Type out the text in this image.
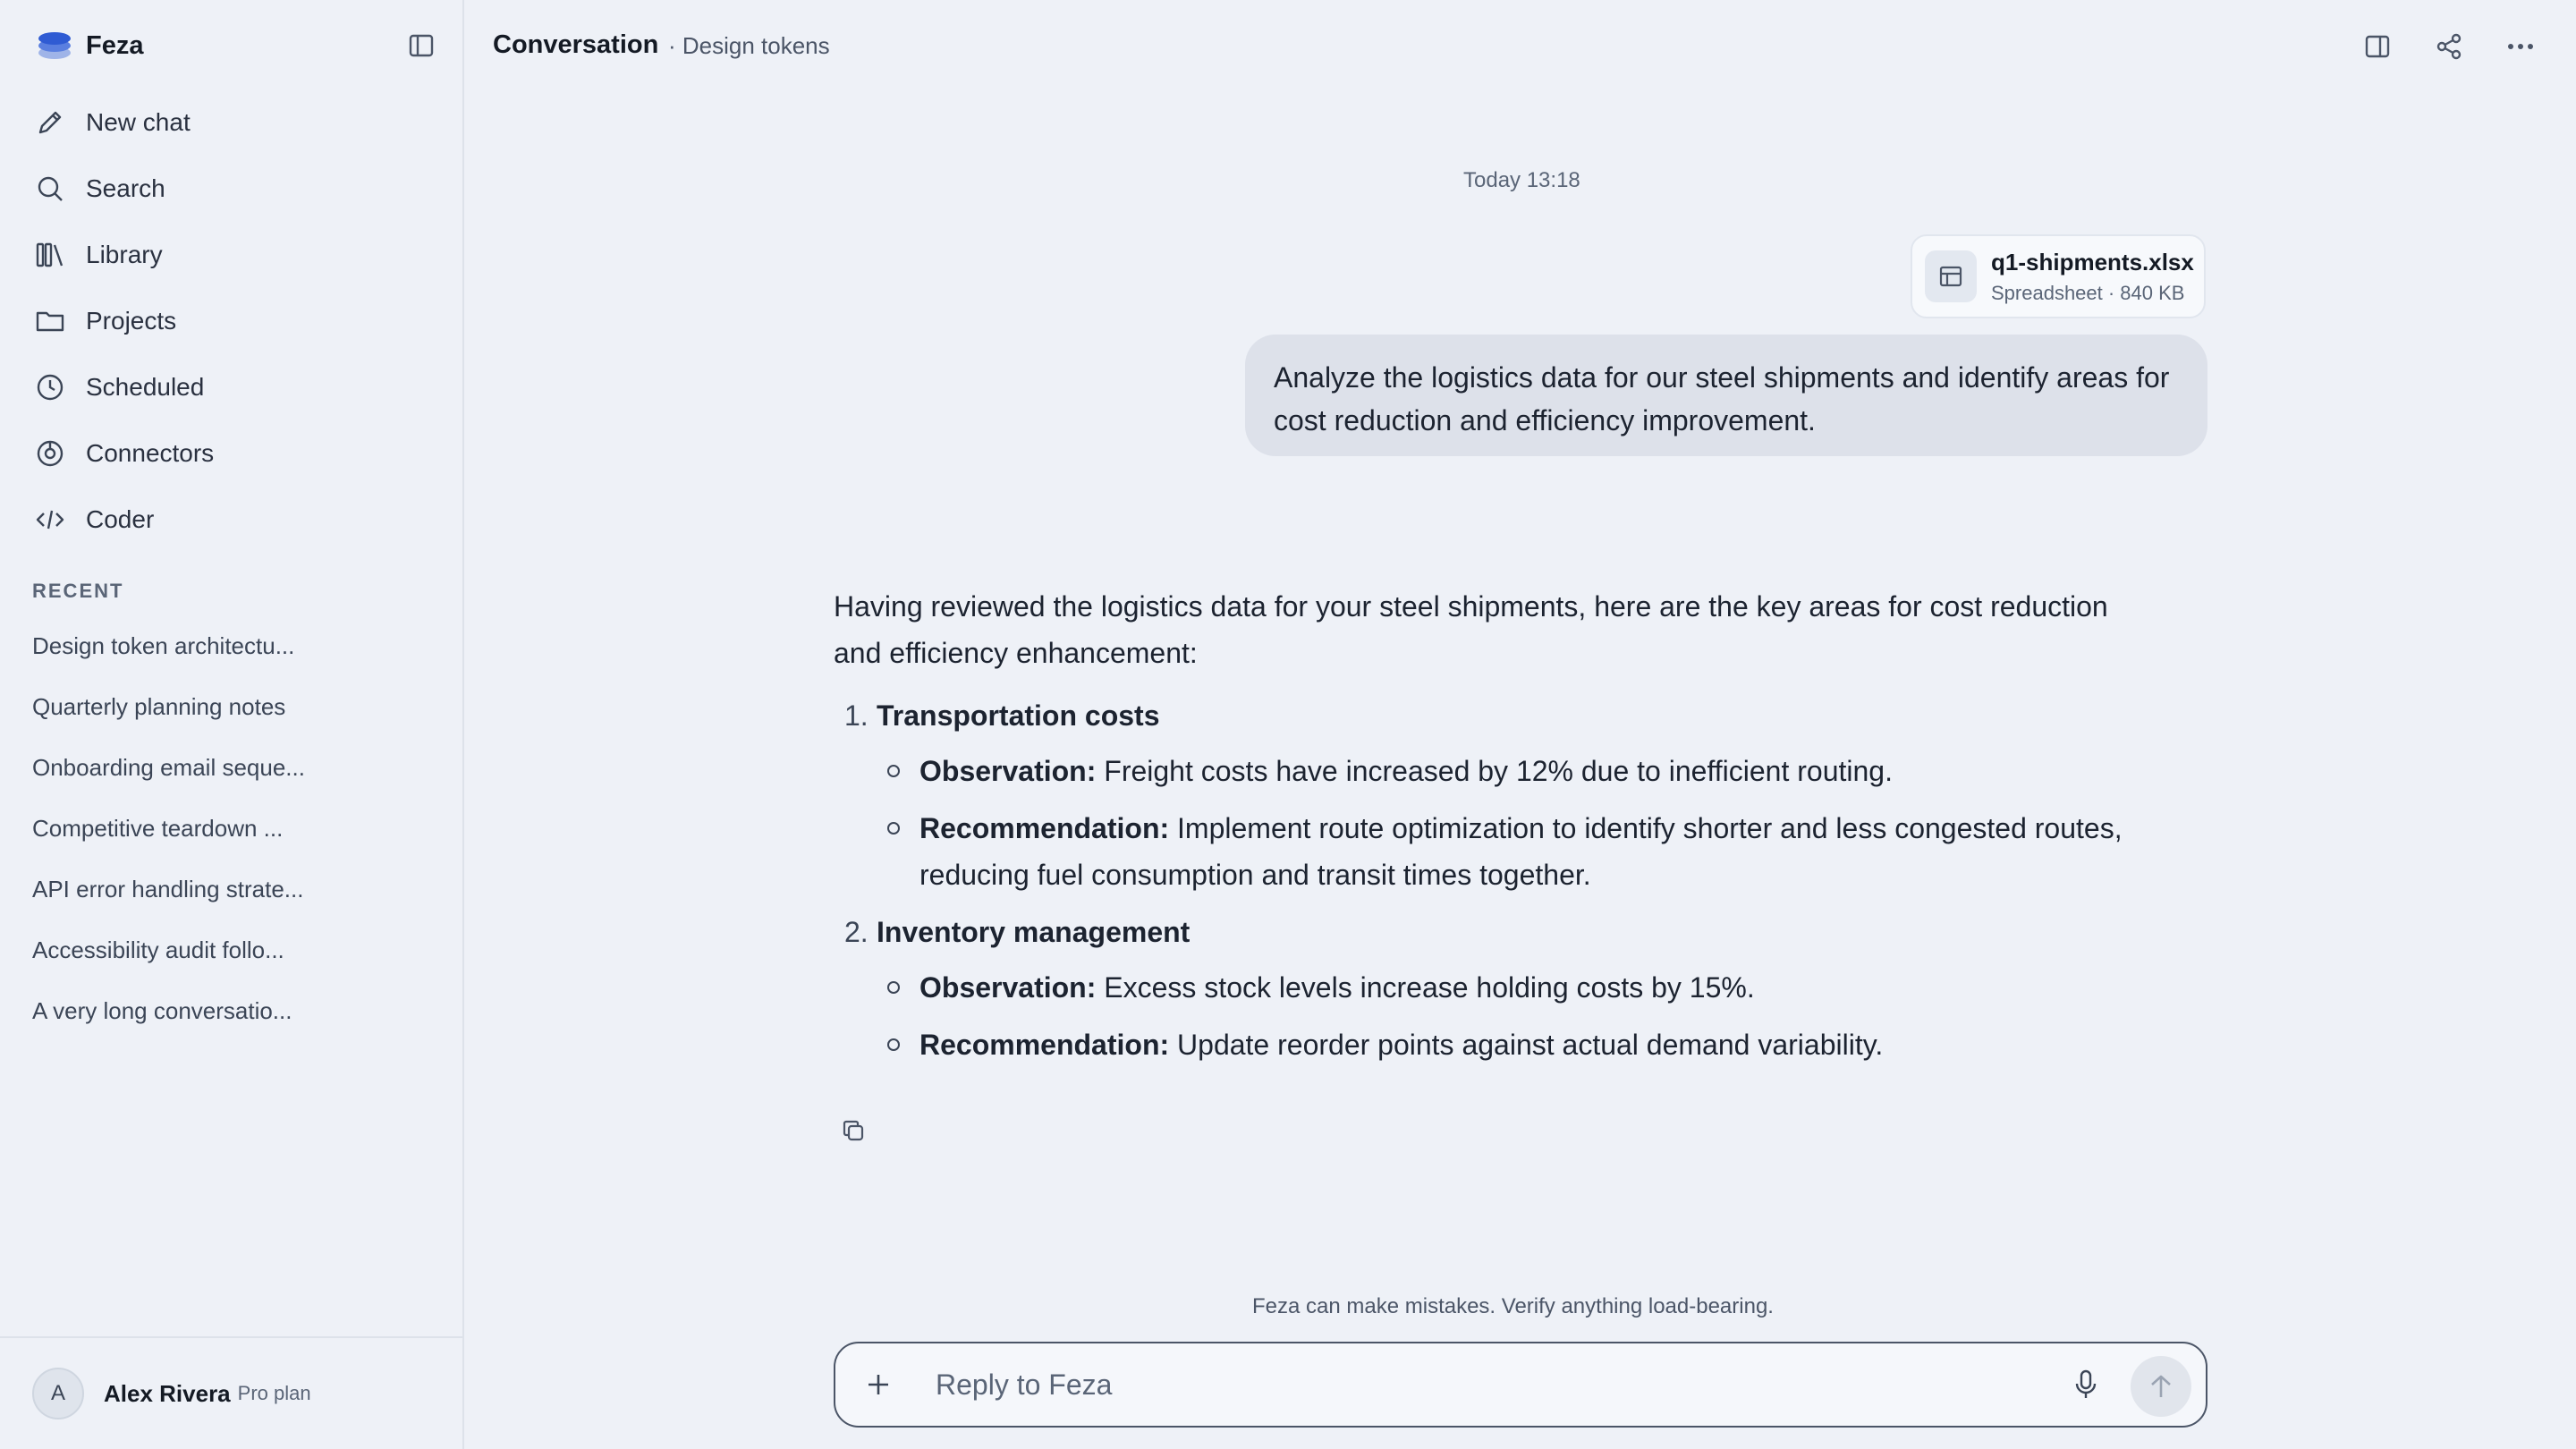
Feza
New chat
Search
Library
Projects
Scheduled
Connectors
Coder
RECENT
Design token architectu...
Quarterly planning notes
Onboarding email seque...
Competitive teardown ...
API error handling strate...
Accessibility audit follo...
A very long conversatio...
A	Alex Rivera Pro plan
Conversation · Design tokens
Today 13:18
q1-shipments.xlsx
Spreadsheet · 840 KB
Analyze the logistics data for our steel shipments and identify areas for cost reduction and efficiency improvement.

Having reviewed the logistics data for your steel shipments, here are the key areas for cost reduction and efficiency enhancement:

1. Transportation costs
Observation: Freight costs have increased by 12% due to inefficient routing.
Recommendation: Implement route optimization to identify shorter and less congested routes, reducing fuel consumption and transit times together.
2. Inventory management
Observation: Excess stock levels increase holding costs by 15%.
Recommendation: Update reorder points against actual demand variability.
Feza can make mistakes. Verify anything load-bearing.
Reply to Feza
